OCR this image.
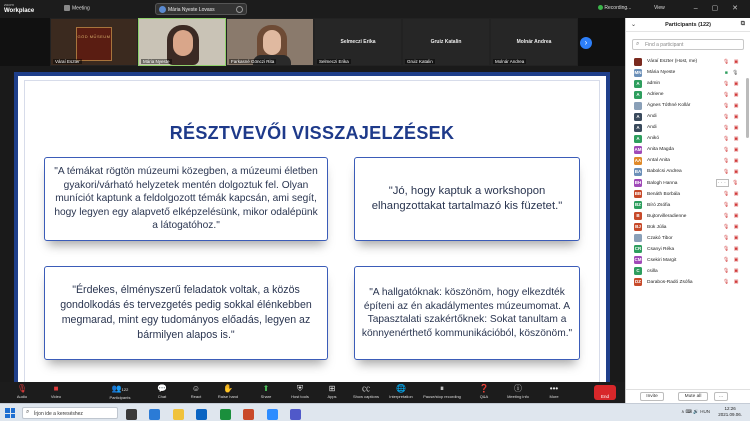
zoom
Workplace	Meeting	Mária Nyeste Lovass	Recording...	View	– ▢ ✕
GÖD MŰSEUM
Váraí Eszter	Mária Nyeste	Farkasné Gönczi Rita
Selmeczi Erika
Selmeczi Erika
Gruiz Katalin
Gruiz Katalin
Molnár Andrea
Molnár Andrea
›
RÉSZTVEVŐI VISSZAJELZÉSEK
"A témákat rögtön múzeumi közegben, a múzeumi életben gyakori/várható helyzetek mentén dolgoztuk fel. Olyan muníciót kaptunk a feldolgozott témák kapcsán, ami segít, hogy legyen egy alapvető elképzelésünk, mikor odalépünk a látogatóhoz."
"Jó, hogy kaptuk a workshopon elhangzottakat tartalmazó kis füzetet."
"Érdekes, élményszerű feladatok voltak, a közös gondolkodás és tervezgetés pedig sokkal élénkebben megmarad, mint egy tudományos előadás, legyen az bármilyen alapos is."
"A hallgatóknak: köszönöm, hogy elkezdték építeni az én akadálymentes múzeumomat. A Tapasztalati szakértőknek: Sokat tanultam a könnyenérthető kommunikációból, köszönöm."
🎙
Audio
■
Video
👥122
Participants
💬
Chat
☺
React
✋
Raise hand
⬆
Share
⛨
Host tools
⊞
Apps
㏄
Show captions
🌐
Interpretation
⏸
Pause/stop recording
❓
Q&A
ⓘ
Meeting info
•••
More	End
⌄	Participants (122)	⧉
⌕ Find a participant
Váraí Eszter (Host, me)	🎙 ▣
MN Mária Nyeste	■ 🎙
A	admin	🎙 ▣
A	Adriene	🎙 ▣
Ágnes Tóthné Kollár	🎙 ▣
A	Andi	🎙 ▣
A	Andi	🎙 ▣
A	Anikó	🎙 ▣
AM Anita Magda	🎙 ▣
AA Antal Anita	🎙 ▣
BA Babolcsi Andrea	🎙 ▣
BH Balogh Hanna	··· 🎙
BB Benáth Borbála	🎙 ▣
BZ Bíró Zsófia	🎙 ▣
B	Bujtorvilleradienne	🎙 ▣
BJ Bük Júlia	🎙 ▣
Czakó Tibor	🎙 ▣
CR Csanyi Réka	🎙 ▣
CM Csekiri Margit	🎙 ▣
C	csilla	🎙 ▣
DZ Darabos-Radó Zsófia	🎙 ▣
Invite	Mute all	...
⌕ Írjon ide a kereséshez
	∧ ⌨ 🔊 HUN
12:26
2021.09.06.
